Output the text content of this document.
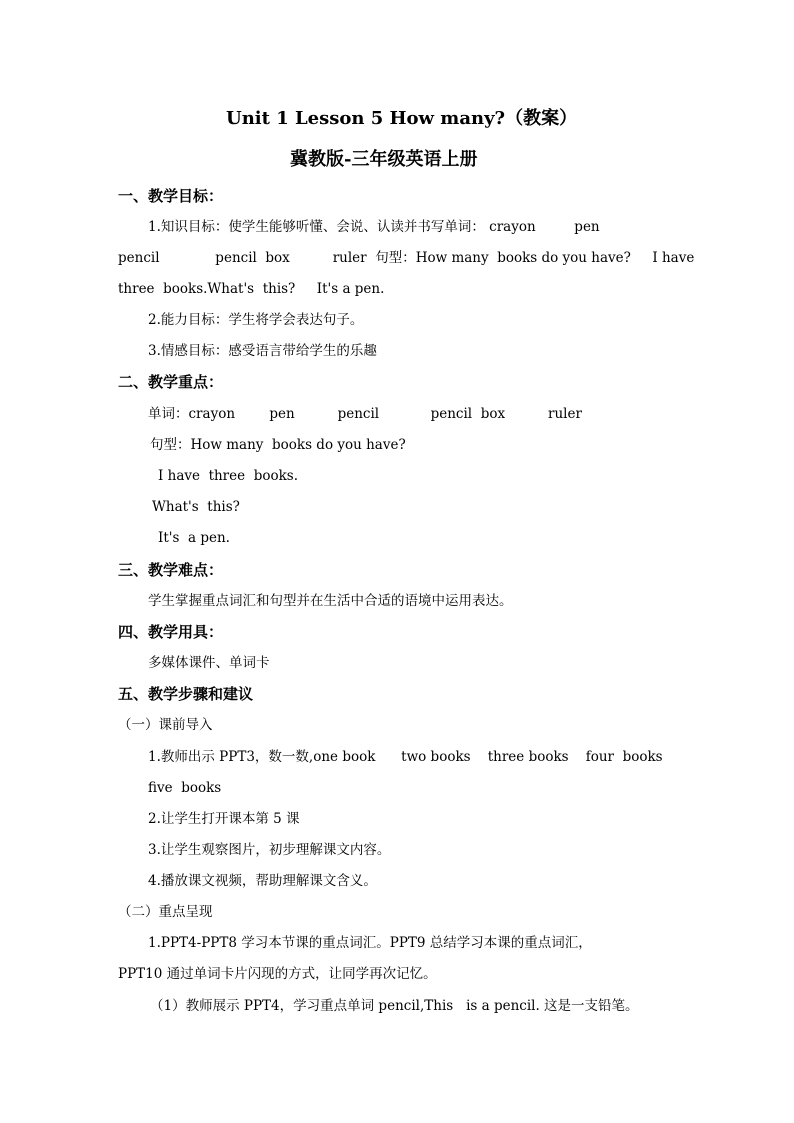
Unit 1 Lesson 5 How many?（教案）
冀教版-三年级英语上册
一、教学目标：
1.知识目标：使学生能够听懂、会说、认读并书写单词： crayon         pen
pencil             pencil  box          ruler  句型：How many  books do you have?     I have
three  books.What's  this?     It's a pen.
2.能力目标：学生将学会表达句子。
3.情感目标：感受语言带给学生的乐趣
二、教学重点：
单词：crayon        pen          pencil            pencil  box          ruler
句型：How many  books do you have?
I have  three  books.
What's  this?
It's  a pen.
三、教学难点：
学生掌握重点词汇和句型并在生活中合适的语境中运用表达。
四、教学用具：
多媒体课件、单词卡
五、教学步骤和建议
（一）课前导入
1.教师出示 PPT3，数一数,one book      two books    three books    four  books
five  books
2.让学生打开课本第 5 课
3.让学生观察图片，初步理解课文内容。
4.播放课文视频，帮助理解课文含义。
（二）重点呈现
1.PPT4-PPT8 学习本节课的重点词汇。PPT9 总结学习本课的重点词汇，
PPT10 通过单词卡片闪现的方式，让同学再次记忆。
（1）教师展示 PPT4，学习重点单词 pencil,This   is a pencil. 这是一支铅笔。
